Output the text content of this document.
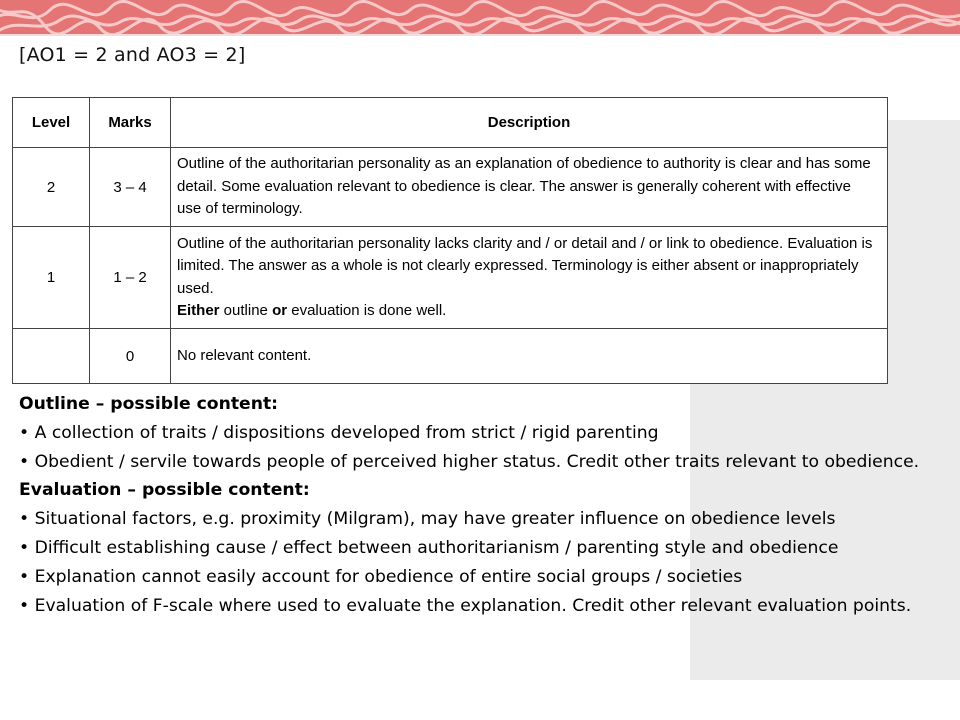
[AO1 = 2 and AO3 = 2]
Level	Marks	Description
2	3 – 4	Outline of the authoritarian personality as an explanation of obedience to authority is clear and has some detail. Some evaluation relevant to obedience is clear. The answer is generally coherent with effective use of terminology.
1	1 – 2	Outline of the authoritarian personality lacks clarity and / or detail and / or link to obedience. Evaluation is limited. The answer as a whole is not clearly expressed. Terminology is either absent or inappropriately used.
Either outline or evaluation is done well.
	0	No relevant content.

Outline – possible content:

• A collection of traits / dispositions developed from strict / rigid parenting

• Obedient / servile towards people of perceived higher status. Credit other traits relevant to obedience.

Evaluation – possible content:

• Situational factors, e.g. proximity (Milgram), may have greater influence on obedience levels

• Difficult establishing cause / effect between authoritarianism / parenting style and obedience

• Explanation cannot easily account for obedience of entire social groups / societies

• Evaluation of F-scale where used to evaluate the explanation. Credit other relevant evaluation points.
